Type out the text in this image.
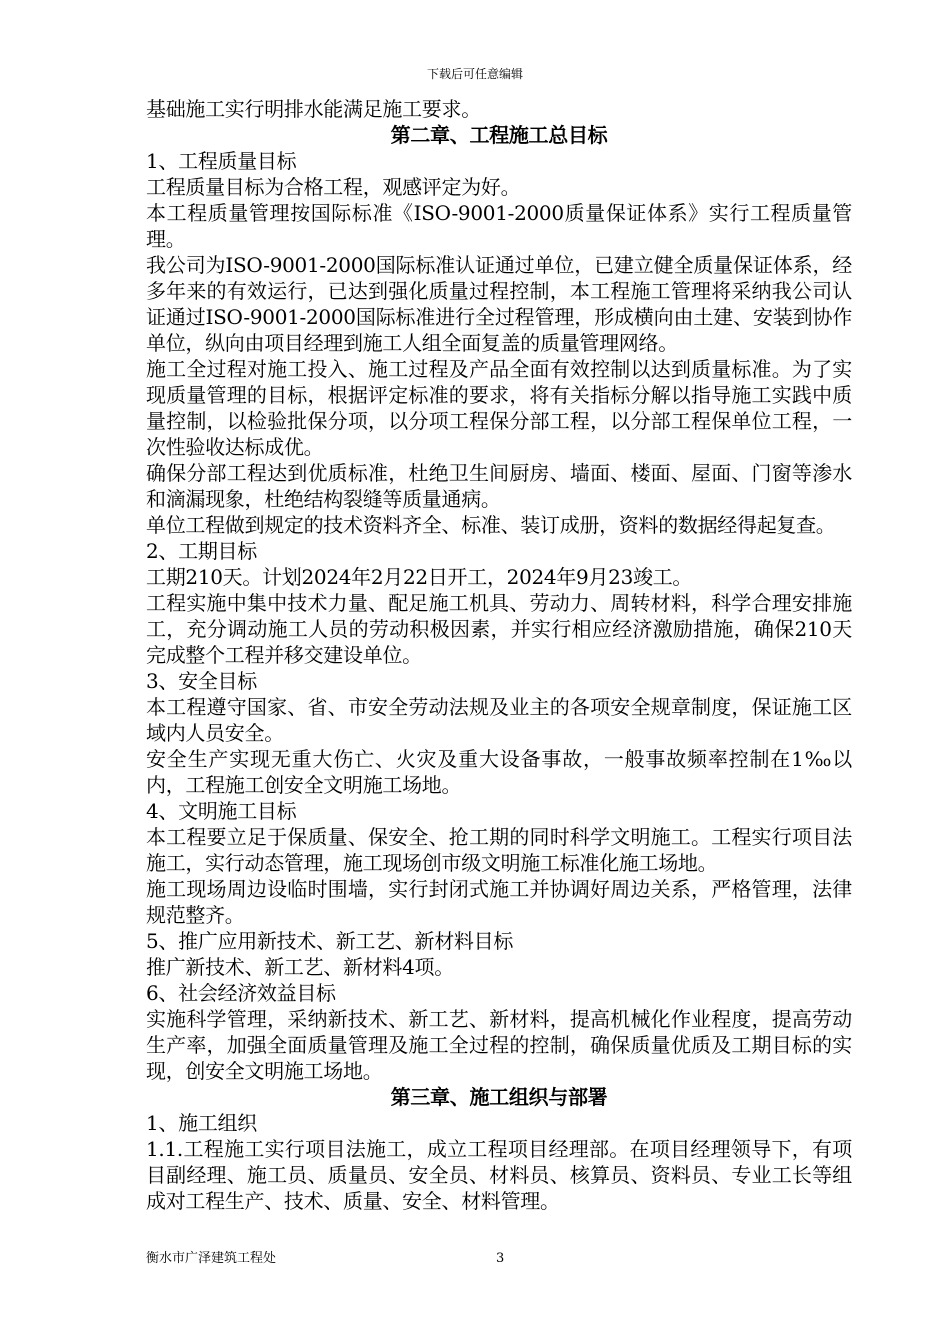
下载后可任意编辑

基础施工实行明排水能满足施工要求。

第二章、工程施工总目标

1、工程质量目标

工程质量目标为合格工程，观感评定为好。

本工程质量管理按国际标准《ISO-9001-2000质量保证体系》实行工程质量管理。

我公司为ISO-9001-2000国际标准认证通过单位，已建立健全质量保证体系，经多年来的有效运行，已达到强化质量过程控制，本工程施工管理将采纳我公司认证通过ISO-9001-2000国际标准进行全过程管理，形成横向由土建、安装到协作单位，纵向由项目经理到施工人组全面复盖的质量管理网络。

施工全过程对施工投入、施工过程及产品全面有效控制以达到质量标准。为了实现质量管理的目标，根据评定标准的要求，将有关指标分解以指导施工实践中质量控制，以检验批保分项，以分项工程保分部工程，以分部工程保单位工程，一次性验收达标成优。

确保分部工程达到优质标准，杜绝卫生间厨房、墙面、楼面、屋面、门窗等渗水和滴漏现象，杜绝结构裂缝等质量通病。

单位工程做到规定的技术资料齐全、标准、装订成册，资料的数据经得起复查。

2、工期目标

工期210天。计划2024年2月22日开工，2024年9月23竣工。

工程实施中集中技术力量、配足施工机具、劳动力、周转材料，科学合理安排施工，充分调动施工人员的劳动积极因素，并实行相应经济激励措施，确保210天完成整个工程并移交建设单位。

3、安全目标

本工程遵守国家、省、市安全劳动法规及业主的各项安全规章制度，保证施工区域内人员安全。

安全生产实现无重大伤亡、火灾及重大设备事故，一般事故频率控制在1‰以内，工程施工创安全文明施工场地。

4、文明施工目标

本工程要立足于保质量、保安全、抢工期的同时科学文明施工。工程实行项目法施工，实行动态管理，施工现场创市级文明施工标准化施工场地。

施工现场周边设临时围墙，实行封闭式施工并协调好周边关系，严格管理，法律规范整齐。

5、推广应用新技术、新工艺、新材料目标

推广新技术、新工艺、新材料4项。

6、社会经济效益目标

实施科学管理，采纳新技术、新工艺、新材料，提高机械化作业程度，提高劳动生产率，加强全面质量管理及施工全过程的控制，确保质量优质及工期目标的实现，创安全文明施工场地。

第三章、施工组织与部署

1、施工组织

1.1.工程施工实行项目法施工，成立工程项目经理部。在项目经理领导下，有项目副经理、施工员、质量员、安全员、材料员、核算员、资料员、专业工长等组成对工程生产、技术、质量、安全、材料管理。

衡水市广泽建筑工程处	3
